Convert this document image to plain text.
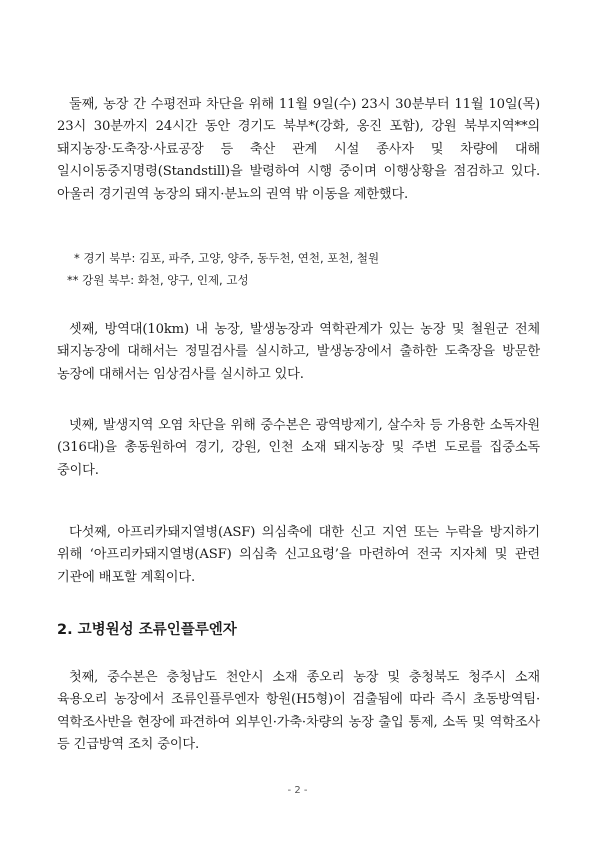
둘째, 농장 간 수평전파 차단을 위해 11월 9일(수) 23시 30분부터 11월 10일(목) 23시 30분까지 24시간 동안 경기도 북부*(강화, 옹진 포함), 강원 북부지역**의 돼지농장·도축장·사료공장 등 축산 관계 시설 종사자 및 차량에 대해 일시이동중지명령(Standstill)을 발령하여 시행 중이며 이행상황을 점검하고 있다. 아울러 경기권역 농장의 돼지·분뇨의 권역 밖 이동을 제한했다.
* 경기 북부: 김포, 파주, 고양, 양주, 동두천, 연천, 포천, 철원
** 강원 북부: 화천, 양구, 인제, 고성
셋째, 방역대(10km) 내 농장, 발생농장과 역학관계가 있는 농장 및 철원군 전체 돼지농장에 대해서는 정밀검사를 실시하고, 발생농장에서 출하한 도축장을 방문한 농장에 대해서는 임상검사를 실시하고 있다.
넷째, 발생지역 오염 차단을 위해 중수본은 광역방제기, 살수차 등 가용한 소독자원(316대)을 총동원하여 경기, 강원, 인천 소재 돼지농장 및 주변 도로를 집중소독 중이다.
다섯째, 아프리카돼지열병(ASF) 의심축에 대한 신고 지연 또는 누락을 방지하기 위해 ‘아프리카돼지열병(ASF) 의심축 신고요령’을 마련하여 전국 지자체 및 관련 기관에 배포할 계획이다.
2. 고병원성 조류인플루엔자
첫째, 중수본은 충청남도 천안시 소재 종오리 농장 및 충청북도 청주시 소재 육용오리 농장에서 조류인플루엔자 항원(H5형)이 검출됨에 따라 즉시 초동방역팀·역학조사반을 현장에 파견하여 외부인·가축·차량의 농장 출입 통제, 소독 및 역학조사 등 긴급방역 조치 중이다.
- 2 -
